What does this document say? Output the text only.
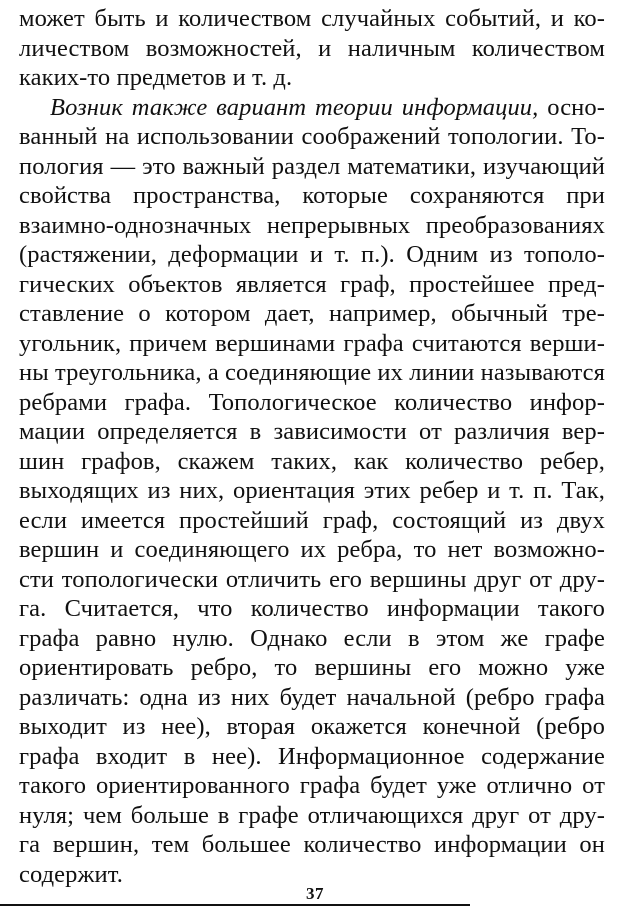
может быть и количеством случайных событий, и ко-
личеством возможностей, и наличным количеством
каких-то предметов и т. д.
Возник также вариант теории информации, осно-
ванный на использовании соображений топологии. То-
пология — это важный раздел математики, изучающий
свойства пространства, которые сохраняются при
взаимно-однозначных непрерывных преобразованиях
(растяжении, деформации и т. п.). Одним из тополо-
гических объектов является граф, простейшее пред-
ставление о котором дает, например, обычный тре-
угольник, причем вершинами графа считаются верши-
ны треугольника, а соединяющие их линии называются
ребрами графа. Топологическое количество инфор-
мации определяется в зависимости от различия вер-
шин графов, скажем таких, как количество ребер,
выходящих из них, ориентация этих ребер и т. п. Так,
если имеется простейший граф, состоящий из двух
вершин и соединяющего их ребра, то нет возможно-
сти топологически отличить его вершины друг от дру-
га. Считается, что количество информации такого
графа равно нулю. Однако если в этом же графе
ориентировать ребро, то вершины его можно уже
различать: одна из них будет начальной (ребро графа
выходит из нее), вторая окажется конечной (ребро
графа входит в нее). Информационное содержание
такого ориентированного графа будет уже отлично от
нуля; чем больше в графе отличающихся друг от дру-
га вершин, тем большее количество информации он
содержит.
37
